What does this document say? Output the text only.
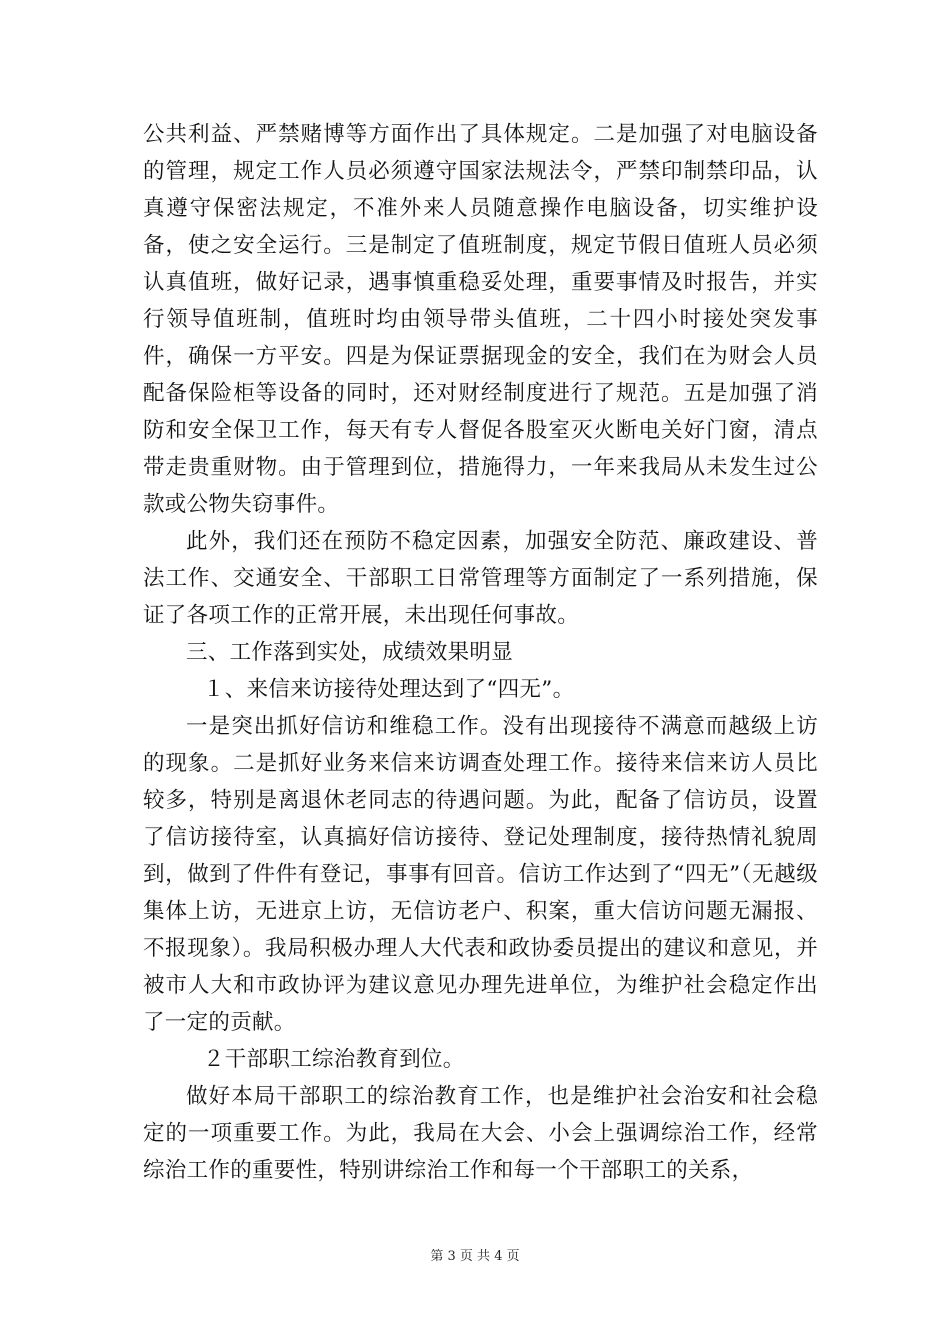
公共利益、严禁赌博等方面作出了具体规定。二是加强了对电脑设备的管理，规定工作人员必须遵守国家法规法令，严禁印制禁印品，认真遵守保密法规定，不准外来人员随意操作电脑设备，切实维护设备，使之安全运行。三是制定了值班制度，规定节假日值班人员必须认真值班，做好记录，遇事慎重稳妥处理，重要事情及时报告，并实行领导值班制，值班时均由领导带头值班，二十四小时接处突发事件，确保一方平安。四是为保证票据现金的安全，我们在为财会人员配备保险柜等设备的同时，还对财经制度进行了规范。五是加强了消防和安全保卫工作，每天有专人督促各股室灭火断电关好门窗，清点带走贵重财物。由于管理到位，措施得力，一年来我局从未发生过公款或公物失窃事件。

此外，我们还在预防不稳定因素，加强安全防范、廉政建设、普法工作、交通安全、干部职工日常管理等方面制定了一系列措施，保证了各项工作的正常开展，未出现任何事故。

三、工作落到实处，成绩效果明显

１、来信来访接待处理达到了“四无”。

一是突出抓好信访和维稳工作。没有出现接待不满意而越级上访的现象。二是抓好业务来信来访调查处理工作。接待来信来访人员比较多，特别是离退休老同志的待遇问题。为此，配备了信访员，设置了信访接待室，认真搞好信访接待、登记处理制度，接待热情礼貌周到，做到了件件有登记，事事有回音。信访工作达到了“四无”（无越级集体上访，无进京上访，无信访老户、积案，重大信访问题无漏报、不报现象）。我局积极办理人大代表和政协委员提出的建议和意见，并被市人大和市政协评为建议意见办理先进单位，为维护社会稳定作出了一定的贡献。

２干部职工综治教育到位。

做好本局干部职工的综治教育工作，也是维护社会治安和社会稳定的一项重要工作。为此，我局在大会、小会上强调综治工作，经常综治工作的重要性，特别讲综治工作和每一个干部职工的关系，

第 3 页 共 4 页
